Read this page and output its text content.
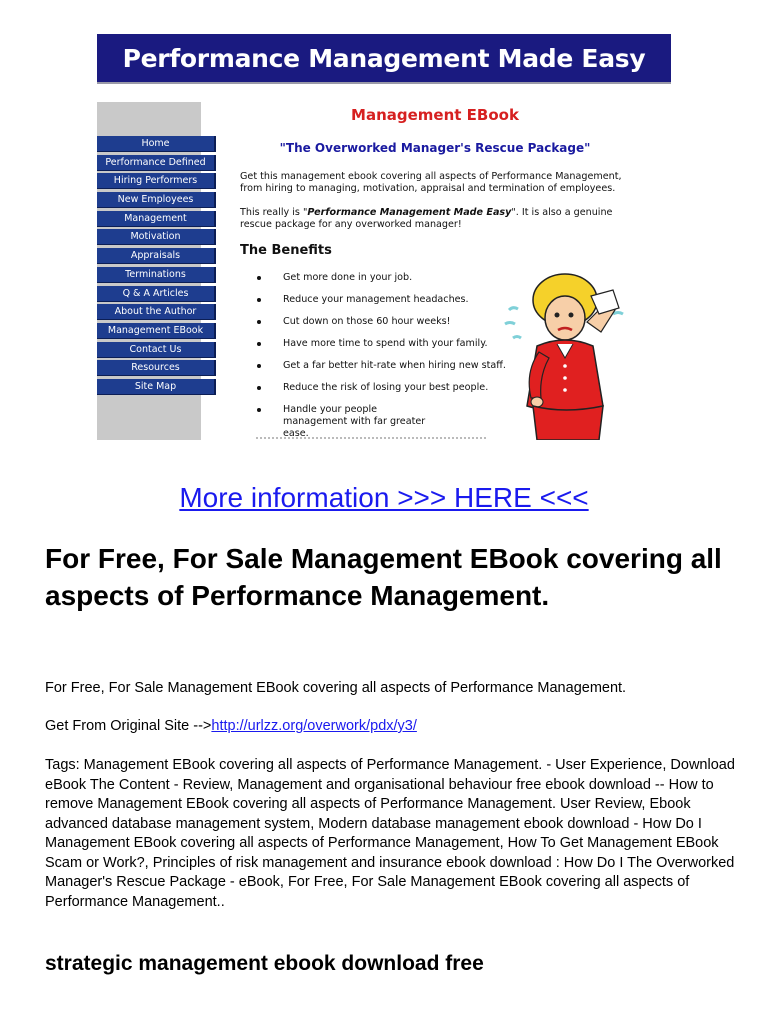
Performance Management Made Easy
Home
Performance Defined
Hiring Performers
New Employees
Management
Motivation
Appraisals
Terminations
Q & A Articles
About the Author
Management EBook
Contact Us
Resources
Site Map
Management EBook
"The Overworked Manager's Rescue Package"
Get this management ebook covering all aspects of Performance Management,
from hiring to managing, motivation, appraisal and termination of employees.
This really is "Performance Management Made Easy". It is also a genuine
rescue package for any overworked manager!
The Benefits
Get more done in your job.
Reduce your management headaches.
Cut down on those 60 hour weeks!
Have more time to spend with your family.
Get a far better hit-rate when hiring new staff.
Reduce the risk of losing your best people.
Handle your people management with far greater ease.
More information >>> HERE <<<
For Free, For Sale Management EBook covering all aspects of Performance Management.

For Free, For Sale Management EBook covering all aspects of Performance Management.

Get From Original Site -->http://urlzz.org/overwork/pdx/y3/

Tags: Management EBook covering all aspects of Performance Management. - User Experience, Download eBook The Content - Review, Management and organisational behaviour free ebook download -- How to remove Management EBook covering all aspects of Performance Management. User Review, Ebook advanced database management system, Modern database management ebook download - How Do I Management EBook covering all aspects of Performance Management, How To Get Management EBook Scam or Work?, Principles of risk management and insurance ebook download : How Do I The Overworked Manager's Rescue Package - eBook, For Free, For Sale Management EBook covering all aspects of Performance Management..

strategic management ebook download free
